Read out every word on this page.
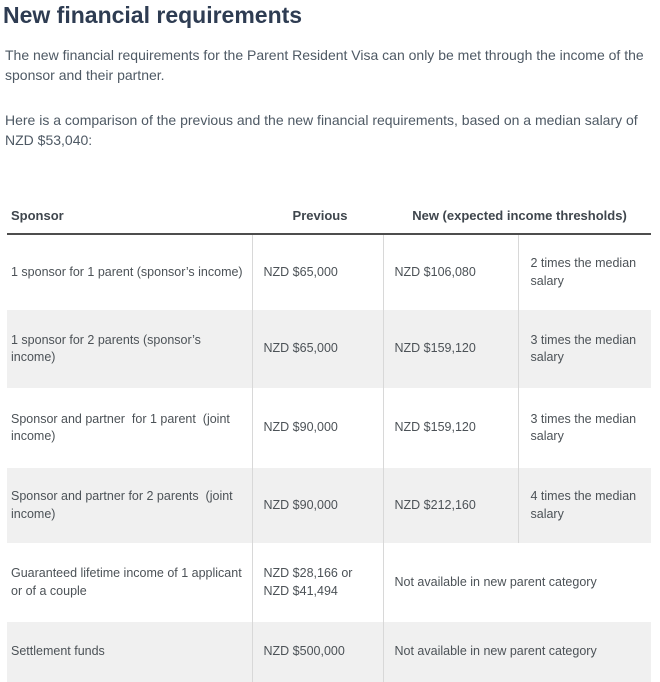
New financial requirements

The new financial requirements for the Parent Resident Visa can only be met through the income of the sponsor and their partner.

Here is a comparison of the previous and the new financial requirements, based on a median salary of NZD $53,040:

Sponsor	Previous	New (expected income thresholds)	
1 sponsor for 1 parent (sponsor’s income)	NZD $65,000	NZD $106,080	2 times the median salary
1 sponsor for 2 parents (sponsor’s income)	NZD $65,000	NZD $159,120	3 times the median salary
Sponsor and partner  for 1 parent  (joint income)	NZD $90,000	NZD $159,120	3 times the median salary
Sponsor and partner for 2 parents  (joint income)	NZD $90,000	NZD $212,160	4 times the median salary
Guaranteed lifetime income of 1 applicant or of a couple	NZD $28,166 or NZD $41,494	Not available in new parent category	
Settlement funds	NZD $500,000	Not available in new parent category	
